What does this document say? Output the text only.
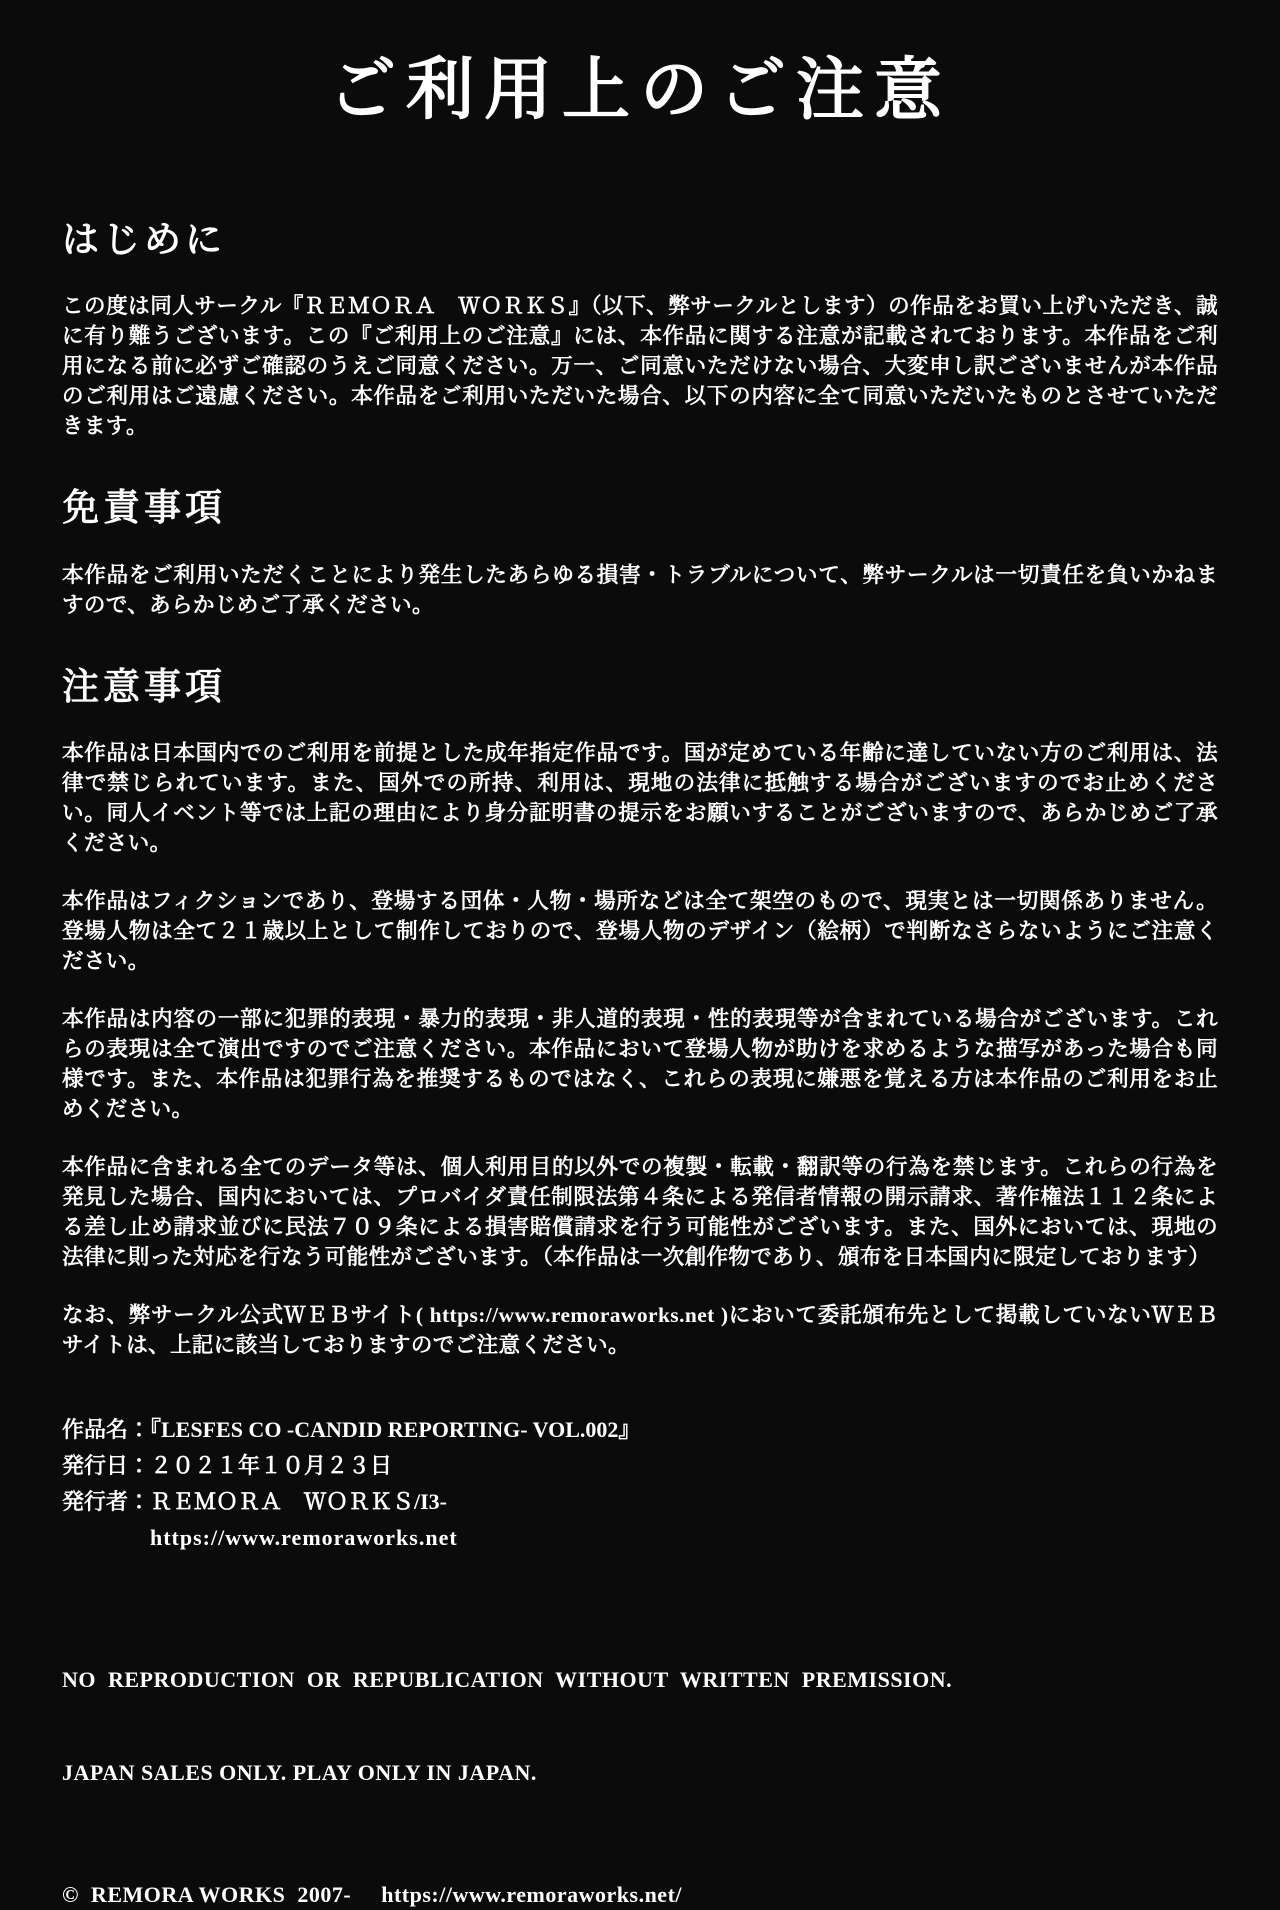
ご利用上のご注意
はじめに

この度は同人サークル『ＲＥＭＯＲＡ　ＷＯＲＫＳ』（以下、弊サークルとします）の作品をお買い上げいただき、誠に有り難うございます。この『ご利用上のご注意』には、本作品に関する注意が記載されております。本作品をご利用になる前に必ずご確認のうえご同意ください。万一、ご同意いただけない場合、大変申し訳ございませんが本作品のご利用はご遠慮ください。本作品をご利用いただいた場合、以下の内容に全て同意いただいたものとさせていただきます。

免責事項

本作品をご利用いただくことにより発生したあらゆる損害・トラブルについて、弊サークルは一切責任を負いかねますので、あらかじめご了承ください。

注意事項

本作品は日本国内でのご利用を前提とした成年指定作品です。国が定めている年齢に達していない方のご利用は、法律で禁じられています。また、国外での所持、利用は、現地の法律に抵触する場合がございますのでお止めください。同人イベント等では上記の理由により身分証明書の提示をお願いすることがございますので、あらかじめご了承ください。

本作品はフィクションであり、登場する団体・人物・場所などは全て架空のもので、現実とは一切関係ありません。登場人物は全て２１歳以上として制作しておりので、登場人物のデザイン（絵柄）で判断なさらないようにご注意ください。

本作品は内容の一部に犯罪的表現・暴力的表現・非人道的表現・性的表現等が含まれている場合がございます。これらの表現は全て演出ですのでご注意ください。本作品において登場人物が助けを求めるような描写があった場合も同様です。また、本作品は犯罪行為を推奨するものではなく、これらの表現に嫌悪を覚える方は本作品のご利用をお止めください。

本作品に含まれる全てのデータ等は、個人利用目的以外での複製・転載・翻訳等の行為を禁じます。これらの行為を発見した場合、国内においては、プロバイダ責任制限法第４条による発信者情報の開示請求、著作権法１１２条による差し止め請求並びに民法７０９条による損害賠償請求を行う可能性がございます。また、国外においては、現地の法律に則った対応を行なう可能性がございます。（本作品は一次創作物であり、頒布を日本国内に限定しております）

なお、弊サークル公式ＷＥＢサイト( https://www.remoraworks.net )において委託頒布先として掲載していないＷＥＢサイトは、上記に該当しておりますのでご注意ください。

作品名：『LESFES CO -CANDID REPORTING- VOL.002』

発行日：２０２１年１０月２３日

発行者：ＲＥＭＯＲＡ　ＷＯＲＫＳ/I3-

https://www.remoraworks.net

NO  REPRODUCTION  OR  REPUBLICATION  WITHOUT  WRITTEN  PREMISSION.

JAPAN SALES ONLY. PLAY ONLY IN JAPAN.

©  REMORA WORKS  2007-     https://www.remoraworks.net/
